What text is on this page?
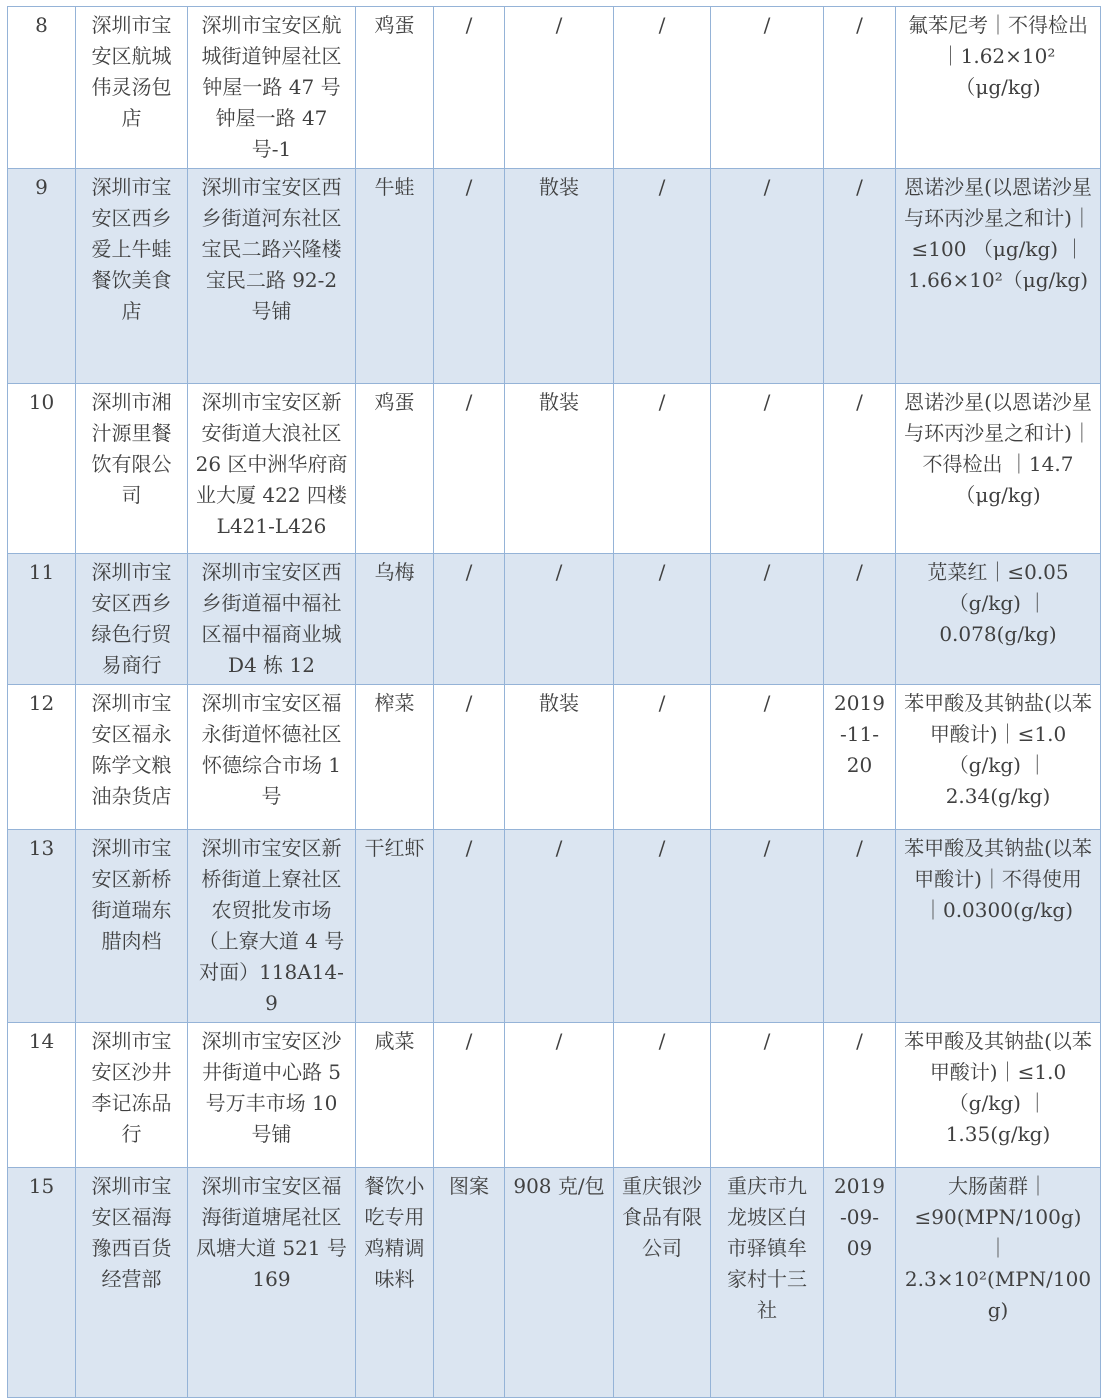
8	深圳市宝安区航城伟灵汤包店	深圳市宝安区航城街道钟屋社区钟屋一路 47 号钟屋一路 47 号-1	鸡蛋	/	/	/	/	/	氟苯尼考｜不得检出｜1.62×10²（μg/kg)
9	深圳市宝安区西乡爱上牛蛙餐饮美食店	深圳市宝安区西乡街道河东社区宝民二路兴隆楼宝民二路 92-2 号铺	牛蛙	/	散装	/	/	/	恩诺沙星(以恩诺沙星与环丙沙星之和计)｜≤100 （μg/kg) ｜ 1.66×10²（μg/kg)
10	深圳市湘汁源里餐饮有限公司	深圳市宝安区新安街道大浪社区 26 区中洲华府商业大厦 422 四楼 L421-L426	鸡蛋	/	散装	/	/	/	恩诺沙星(以恩诺沙星与环丙沙星之和计)｜不得检出 ｜14.7（μg/kg)
11	深圳市宝安区西乡绿色行贸易商行	深圳市宝安区西乡街道福中福社区福中福商业城 D4 栋 12	乌梅	/	/	/	/	/	苋菜红｜≤0.05（g/kg) ｜0.078(g/kg)
12	深圳市宝安区福永陈学文粮油杂货店	深圳市宝安区福永街道怀德社区怀德综合市场 1 号	榨菜	/	散装	/	/	2019-11-20	苯甲酸及其钠盐(以苯甲酸计)｜≤1.0（g/kg) ｜2.34(g/kg)
13	深圳市宝安区新桥街道瑞东腊肉档	深圳市宝安区新桥街道上寮社区农贸批发市场（上寮大道 4 号对面）118A14-9	干红虾	/	/	/	/	/	苯甲酸及其钠盐(以苯甲酸计)｜不得使用 ｜0.0300(g/kg)
14	深圳市宝安区沙井李记冻品行	深圳市宝安区沙井街道中心路 5 号万丰市场 10 号铺	咸菜	/	/	/	/	/	苯甲酸及其钠盐(以苯甲酸计)｜≤1.0（g/kg) ｜1.35(g/kg)
15	深圳市宝安区福海豫西百货经营部	深圳市宝安区福海街道塘尾社区凤塘大道 521 号 169	餐饮小吃专用鸡精调味料	图案	908 克/包	重庆银沙食品有限公司	重庆市九龙坡区白市驿镇牟家村十三社	2019-09-09	大肠菌群｜≤90(MPN/100g) ｜ 2.3×10²(MPN/100g)
